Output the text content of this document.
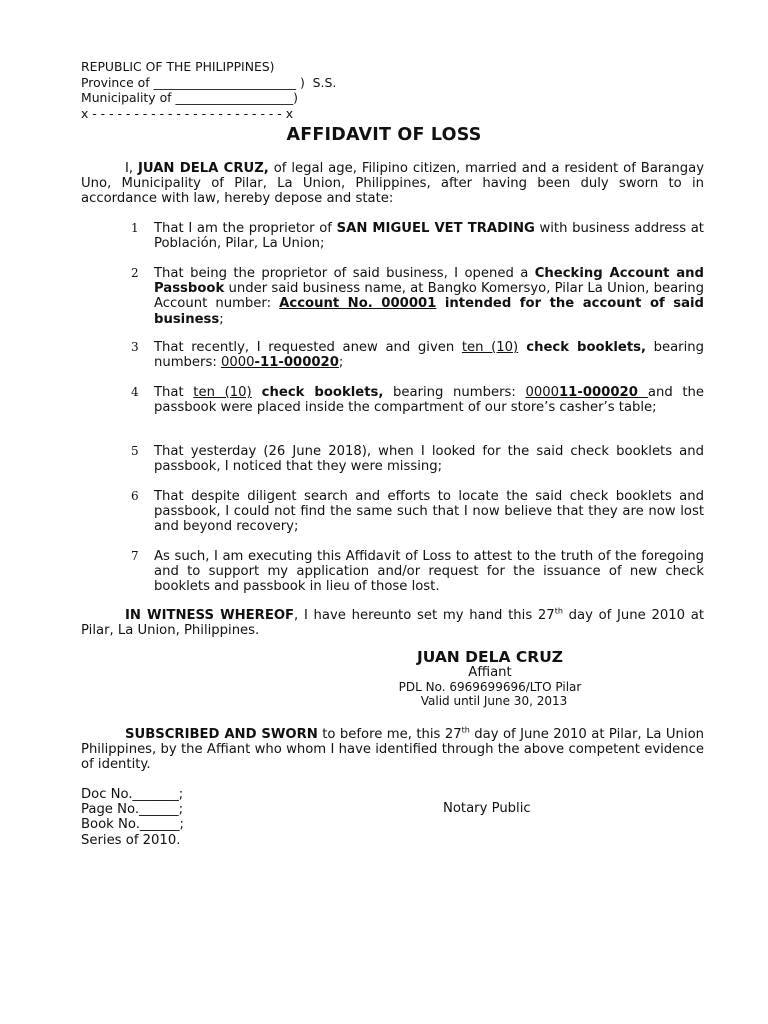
REPUBLIC OF THE PHILIPPINES)
Province of _______________________ )  S.S.
Municipality of ___________________)
x - - - - - - - - - - - - - - - - - - - - - - - x
AFFIDAVIT OF LOSS
I, JUAN DELA CRUZ, of legal age, Filipino citizen, married and a resident of Barangay Uno, Municipality of Pilar, La Union, Philippines, after having been duly sworn to in accordance with law, hereby depose and state:
1 That I am the proprietor of SAN MIGUEL VET TRADING with business address at Población, Pilar, La Union;
2 That being the proprietor of said business, I opened a Checking Account and Passbook under said business name, at Bangko Komersyo, Pilar La Union, bearing Account number: Account No. 000001 intended for the account of said business;
3 That recently, I requested anew and given ten (10) check booklets, bearing numbers: 0000-11-000020;
4 That ten (10) check booklets, bearing numbers: 000011-000020 and the passbook were placed inside the compartment of our store’s casher’s table;
5 That yesterday (26 June 2018), when I looked for the said check booklets and passbook, I noticed that they were missing;
6 That despite diligent search and efforts to locate the said check booklets and passbook, I could not find the same such that I now believe that they are now lost and beyond recovery;
7 As such, I am executing this Affidavit of Loss to attest to the truth of the foregoing and to support my application and/or request for the issuance of new check booklets and passbook in lieu of those lost.
IN WITNESS WHEREOF, I have hereunto set my hand this 27th day of June 2010 at Pilar, La Union, Philippines.
JUAN DELA CRUZ
Affiant
PDL No. 6969699696/LTO Pilar
Valid until June 30, 2013
SUBSCRIBED AND SWORN to before me, this 27th day of June 2010 at Pilar, La Union Philippines, by the Affiant who whom I have identified through the above competent evidence of identity.
Doc No._______;
Page No.______;
Book No.______;
Series of 2010.
Notary Public
